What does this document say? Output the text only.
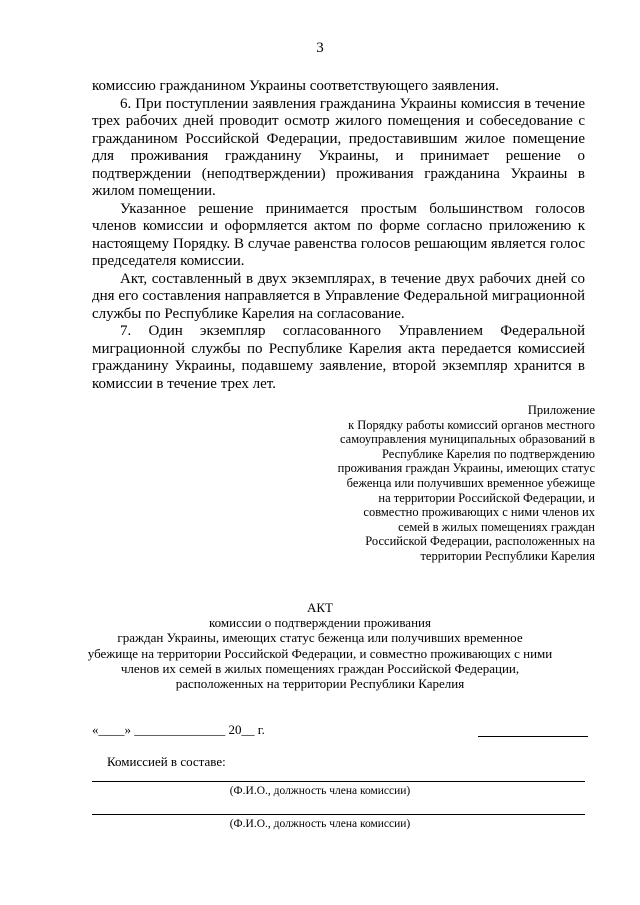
3

комиссию гражданином Украины соответствующего заявления.

6. При поступлении заявления гражданина Украины комиссия в течение трех рабочих дней проводит осмотр жилого помещения и собеседование с гражданином Российской Федерации, предоставившим жилое помещение для проживания гражданину Украины, и принимает решение о подтверждении (неподтверждении) проживания гражданина Украины в жилом помещении.

Указанное решение принимается простым большинством голосов членов комиссии и оформляется актом по форме согласно приложению к настоящему Порядку. В случае равенства голосов решающим является голос председателя комиссии.

Акт, составленный в двух экземплярах, в течение двух рабочих дней со дня его составления направляется в Управление Федеральной миграционной службы по Республике Карелия на согласование.

7. Один экземпляр согласованного Управлением Федеральной миграционной службы по Республике Карелия акта передается комиссией гражданину Украины, подавшему заявление, второй экземпляр хранится в комиссии в течение трех лет.

Приложение
к Порядку работы комиссий органов местного
самоуправления муниципальных образований в
Республике Карелия по подтверждению
проживания граждан Украины, имеющих статус
беженца или получивших временное убежище
на территории Российской Федерации, и
совместно проживающих с ними членов их
семей в жилых помещениях граждан
Российской Федерации, расположенных на
территории Республики Карелия
АКТ
комиссии о подтверждении проживания
граждан Украины, имеющих статус беженца или получивших временное
убежище на территории Российской Федерации, и совместно проживающих с ними
членов их семей в жилых помещениях граждан Российской Федерации,
расположенных на территории Республики Карелия
«____» ______________ 20__ г.
Комиссией в составе:
(Ф.И.О., должность члена комиссии)
(Ф.И.О., должность члена комиссии)
